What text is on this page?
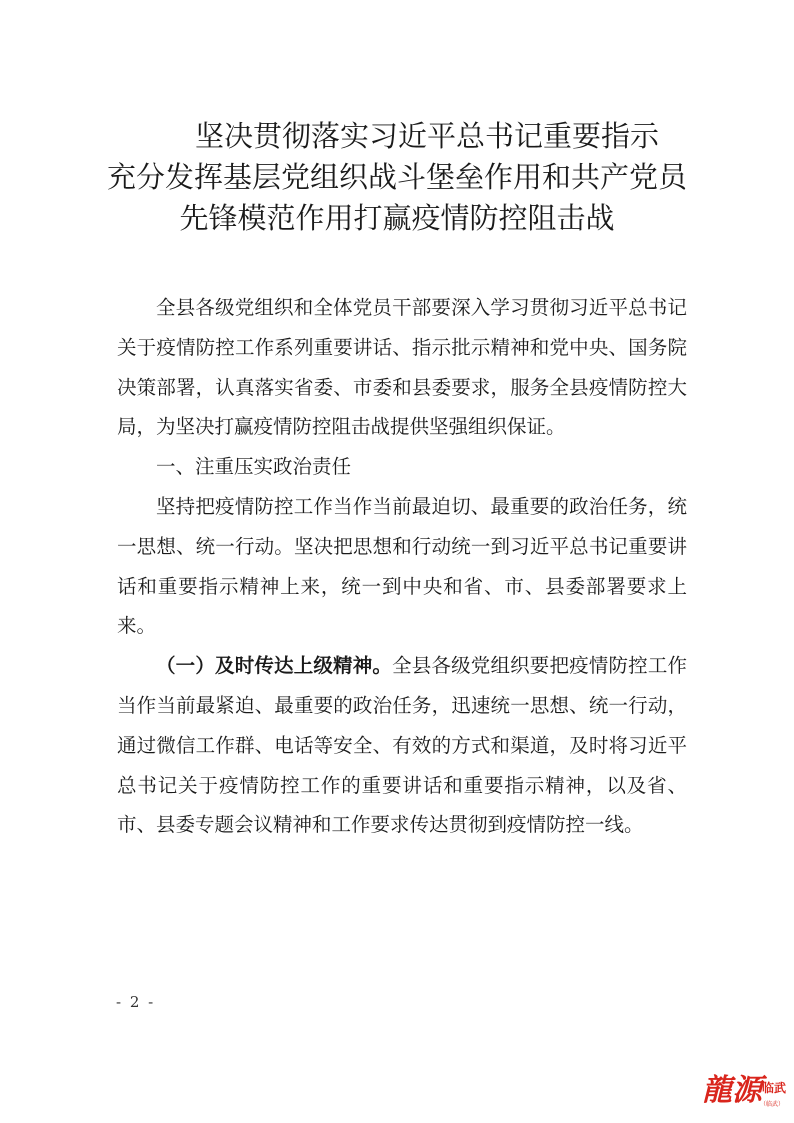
坚决贯彻落实习近平总书记重要指示
充分发挥基层党组织战斗堡垒作用和共产党员
先锋模范作用打赢疫情防控阻击战

全县各级党组织和全体党员干部要深入学习贯彻习近平总书记关于疫情防控工作系列重要讲话、指示批示精神和党中央、国务院决策部署，认真落实省委、市委和县委要求，服务全县疫情防控大局，为坚决打赢疫情防控阻击战提供坚强组织保证。

一、注重压实政治责任

坚持把疫情防控工作当作当前最迫切、最重要的政治任务，统一思想、统一行动。坚决把思想和行动统一到习近平总书记重要讲话和重要指示精神上来，统一到中央和省、市、县委部署要求上来。

（一）及时传达上级精神。全县各级党组织要把疫情防控工作当作当前最紧迫、最重要的政治任务，迅速统一思想、统一行动，通过微信工作群、电话等安全、有效的方式和渠道，及时将习近平总书记关于疫情防控工作的重要讲话和重要指示精神，以及省、市、县委专题会议精神和工作要求传达贯彻到疫情防控一线。

- 2 -
龍源 临武
（临武）
